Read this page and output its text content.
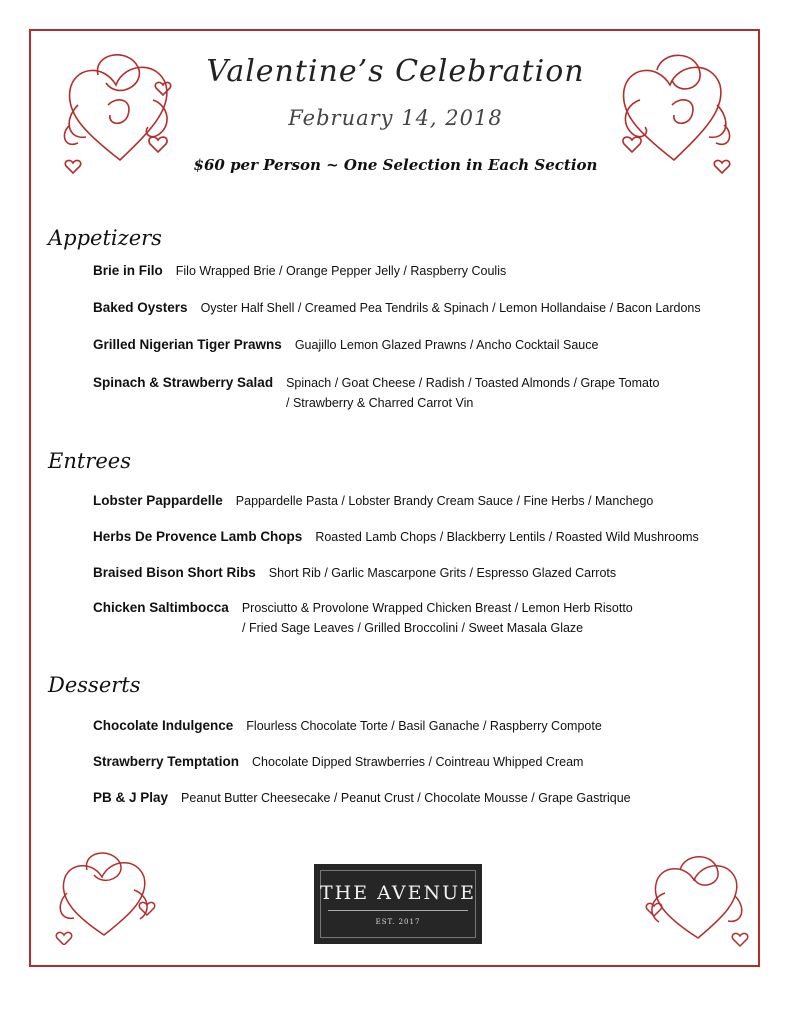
Valentine’s Celebration
February 14, 2018
$60 per Person ~ One Selection in Each Section
Appetizers
Brie in Filo Filo Wrapped Brie / Orange Pepper Jelly / Raspberry Coulis
Baked Oysters Oyster Half Shell / Creamed Pea Tendrils & Spinach / Lemon Hollandaise / Bacon Lardons
Grilled Nigerian Tiger Prawns Guajillo Lemon Glazed Prawns / Ancho Cocktail Sauce
Spinach & Strawberry Salad Spinach / Goat Cheese / Radish / Toasted Almonds / Grape Tomato
/ Strawberry & Charred Carrot Vin
Entrees
Lobster Pappardelle Pappardelle Pasta / Lobster Brandy Cream Sauce / Fine Herbs / Manchego
Herbs De Provence Lamb Chops Roasted Lamb Chops / Blackberry Lentils / Roasted Wild Mushrooms
Braised Bison Short Ribs Short Rib / Garlic Mascarpone Grits / Espresso Glazed Carrots
Chicken Saltimbocca Prosciutto & Provolone Wrapped Chicken Breast / Lemon Herb Risotto
/ Fried Sage Leaves / Grilled Broccolini / Sweet Masala Glaze
Desserts
Chocolate Indulgence Flourless Chocolate Torte / Basil Ganache / Raspberry Compote
Strawberry Temptation Chocolate Dipped Strawberries / Cointreau Whipped Cream
PB & J Play Peanut Butter Cheesecake / Peanut Crust / Chocolate Mousse / Grape Gastrique
THE AVENUE
EST. 2017
